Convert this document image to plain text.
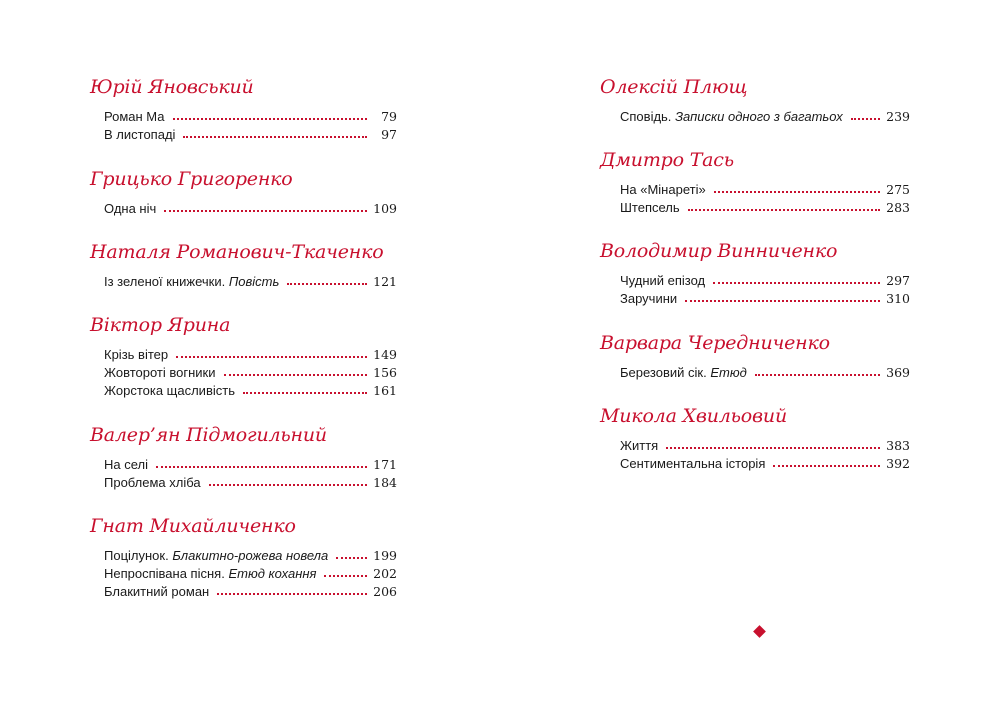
Юрій Яновський
Роман Ма	79
В листопаді	97
Грицько Григоренко
Одна ніч	109
Наталя Романович-Ткаченко
Із зеленої книжечки. Повість	121
Віктор Ярина
Крізь вітер	149
Жовтороті вогники	156
Жорстока щасливість	161
Валер’ян Підмогильний
На селі	171
Проблема хліба	184
Гнат Михайличенко
Поцілунок. Блакитно-рожева новела	199
Непроспівана пісня. Етюд кохання	202
Блакитний роман	206
Олексій Плющ
Сповідь. Записки одного з багатьох	239
Дмитро Тась
На «Мінареті»	275
Штепсель	283
Володимир Винниченко
Чудний епізод	297
Заручини	310
Варвара Чередниченко
Березовий сік. Етюд	369
Микола Хвильовий
Життя	383
Сентиментальна історія	392
